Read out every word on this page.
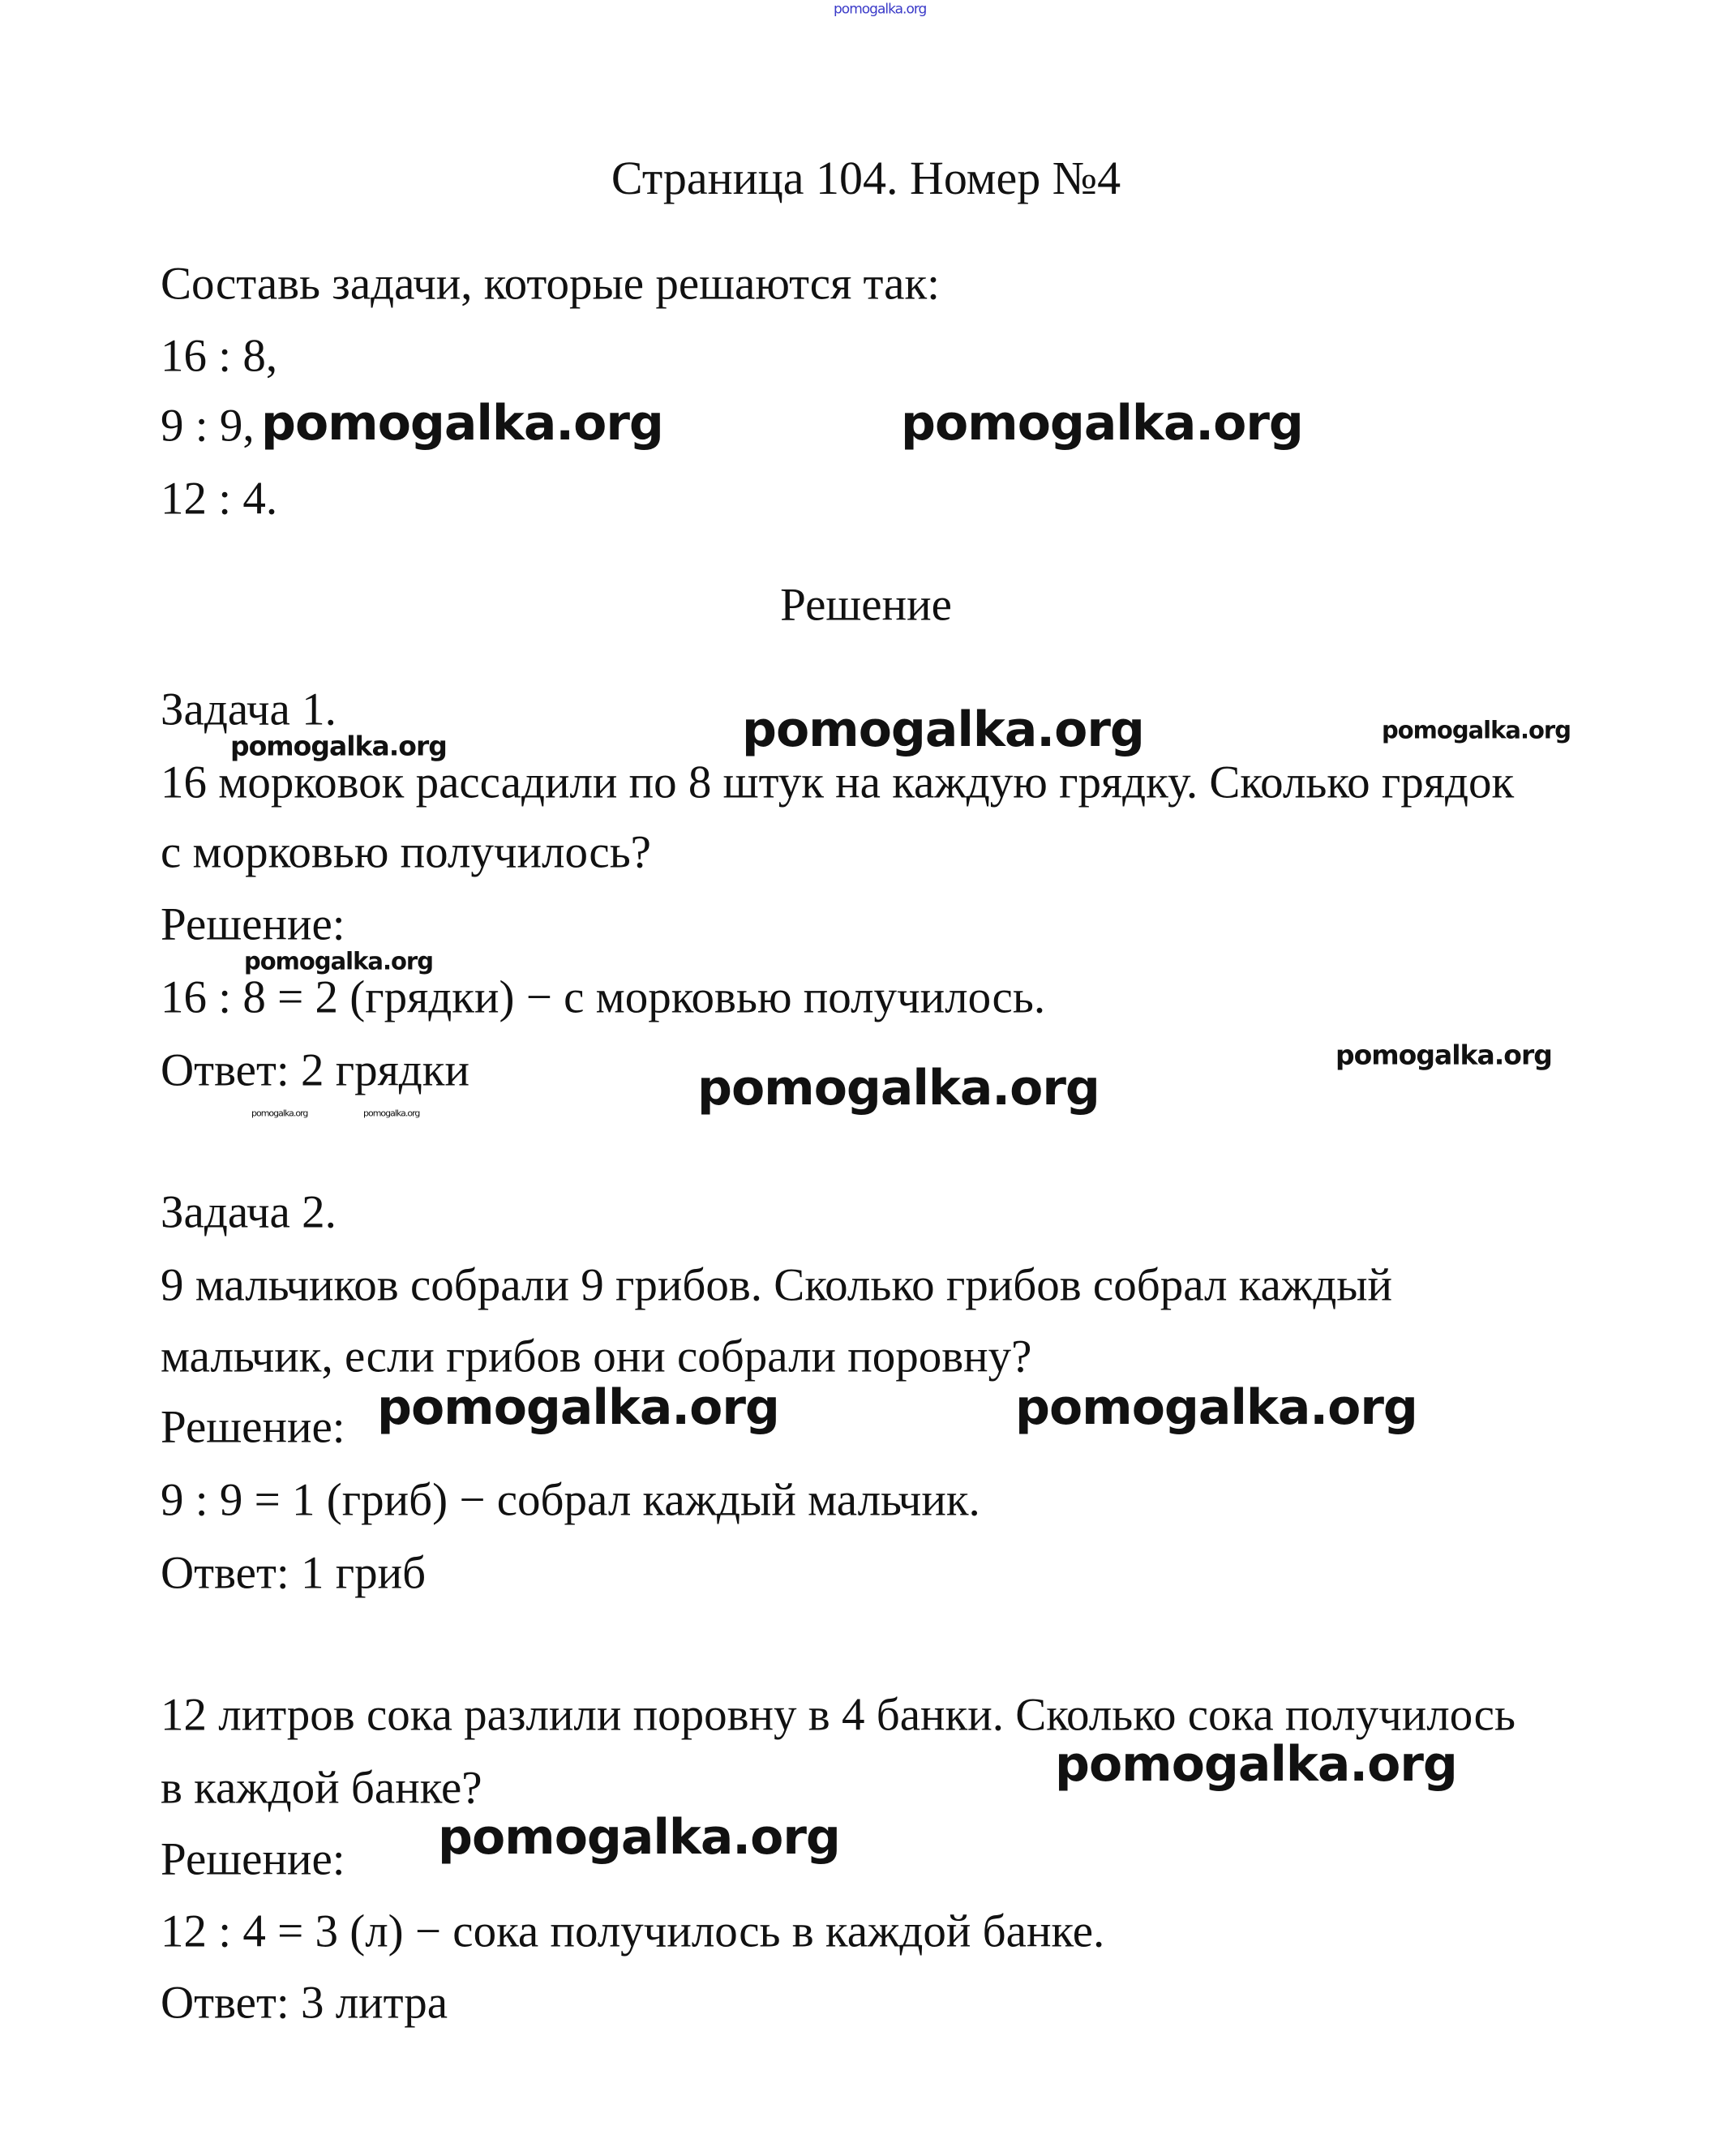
pomogalka.org
Страница 104. Номер №4
Составь задачи, которые решаются так:
16 : 8,
9 : 9,
12 : 4.
Решение
Задача 1.
16 морковок рассадили по 8 штук на каждую грядку. Сколько грядок
с морковью получилось?
Решение:
16 : 8 = 2 (грядки) − с морковью получилось.
Ответ: 2 грядки
Задача 2.
9 мальчиков собрали 9 грибов. Сколько грибов собрал каждый
мальчик, если грибов они собрали поровну?
Решение:
9 : 9 = 1 (гриб) − собрал каждый мальчик.
Ответ: 1 гриб
12 литров сока разлили поровну в 4 банки. Сколько сока получилось
в каждой банке?
Решение:
12 : 4 = 3 (л) − сока получилось в каждой банке.
Ответ: 3 литра
pomogalka.org	pomogalka.org
pomogalka.org
pomogalka.org
pomogalka.org	pomogalka.org
pomogalka.org
pomogalka.org
pomogalka.org
pomogalka.org
pomogalka.org
pomogalka.org
pomogalka.org	pomogalka.org
